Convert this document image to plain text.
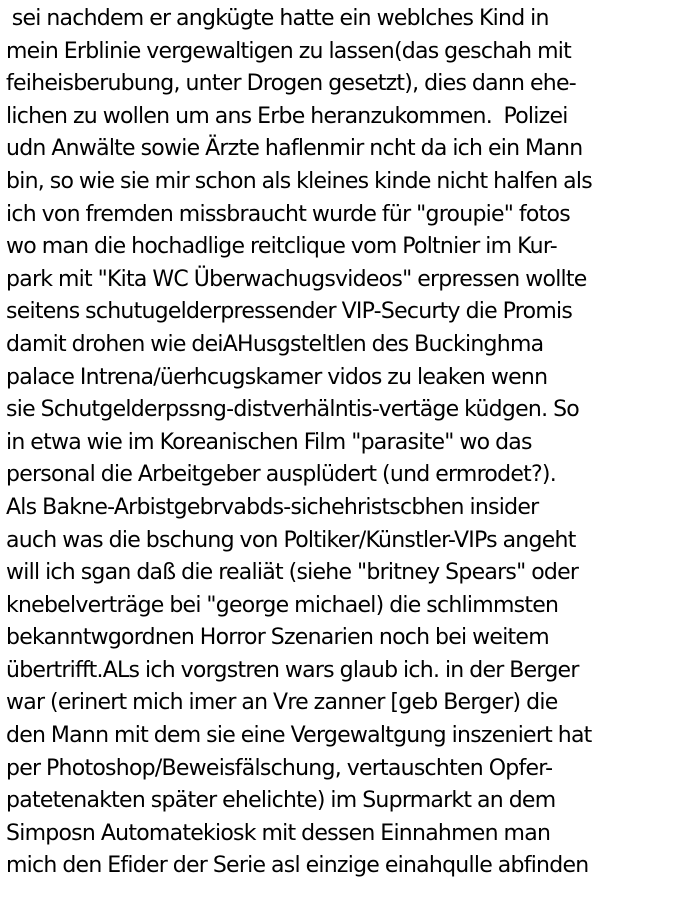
sei nachdem er angkügte hatte ein weblches Kind in
mein Erblinie vergewaltigen zu lassen(das geschah mit
feiheisberubung, unter Drogen gesetzt), dies dann ehe-
lichen zu wollen um ans Erbe heranzukommen.  Polizei
udn Anwälte sowie Ärzte haflenmir ncht da ich ein Mann
bin, so wie sie mir schon als kleines kinde nicht halfen als
ich von fremden missbraucht wurde für "groupie" fotos
wo man die hochadlige reitclique vom Poltnier im Kur-
park mit "Kita WC Überwachugsvideos" erpressen wollte
seitens schutugelderpressender VIP-Securty die Promis
damit drohen wie deiAHusgsteltlen des Buckinghma
palace Intrena/üerhcugskamer vidos zu leaken wenn
sie Schutgelderpssng-distverhälntis-vertäge küdgen. So
in etwa wie im Koreanischen Film "parasite" wo das
personal die Arbeitgeber ausplüdert (und ermrodet?).
Als Bakne-Arbistgebrvabds-sichehristscbhen insider
auch was die bschung von Poltiker/Künstler-VIPs angeht
will ich sgan daß die realiät (siehe "britney Spears" oder
knebelverträge bei "george michael) die schlimmsten
bekanntwgordnen Horror Szenarien noch bei weitem
übertrifft.ALs ich vorgstren wars glaub ich. in der Berger
war (erinert mich imer an Vre zanner [geb Berger) die
den Mann mit dem sie eine Vergewaltgung inszeniert hat
per Photoshop/Beweisfälschung, vertauschten Opfer-
patetenakten später ehelichte) im Suprmarkt an dem
Simposn Automatekiosk mit dessen Einnahmen man
mich den Efider der Serie asl einzige einahqulle abfinden
